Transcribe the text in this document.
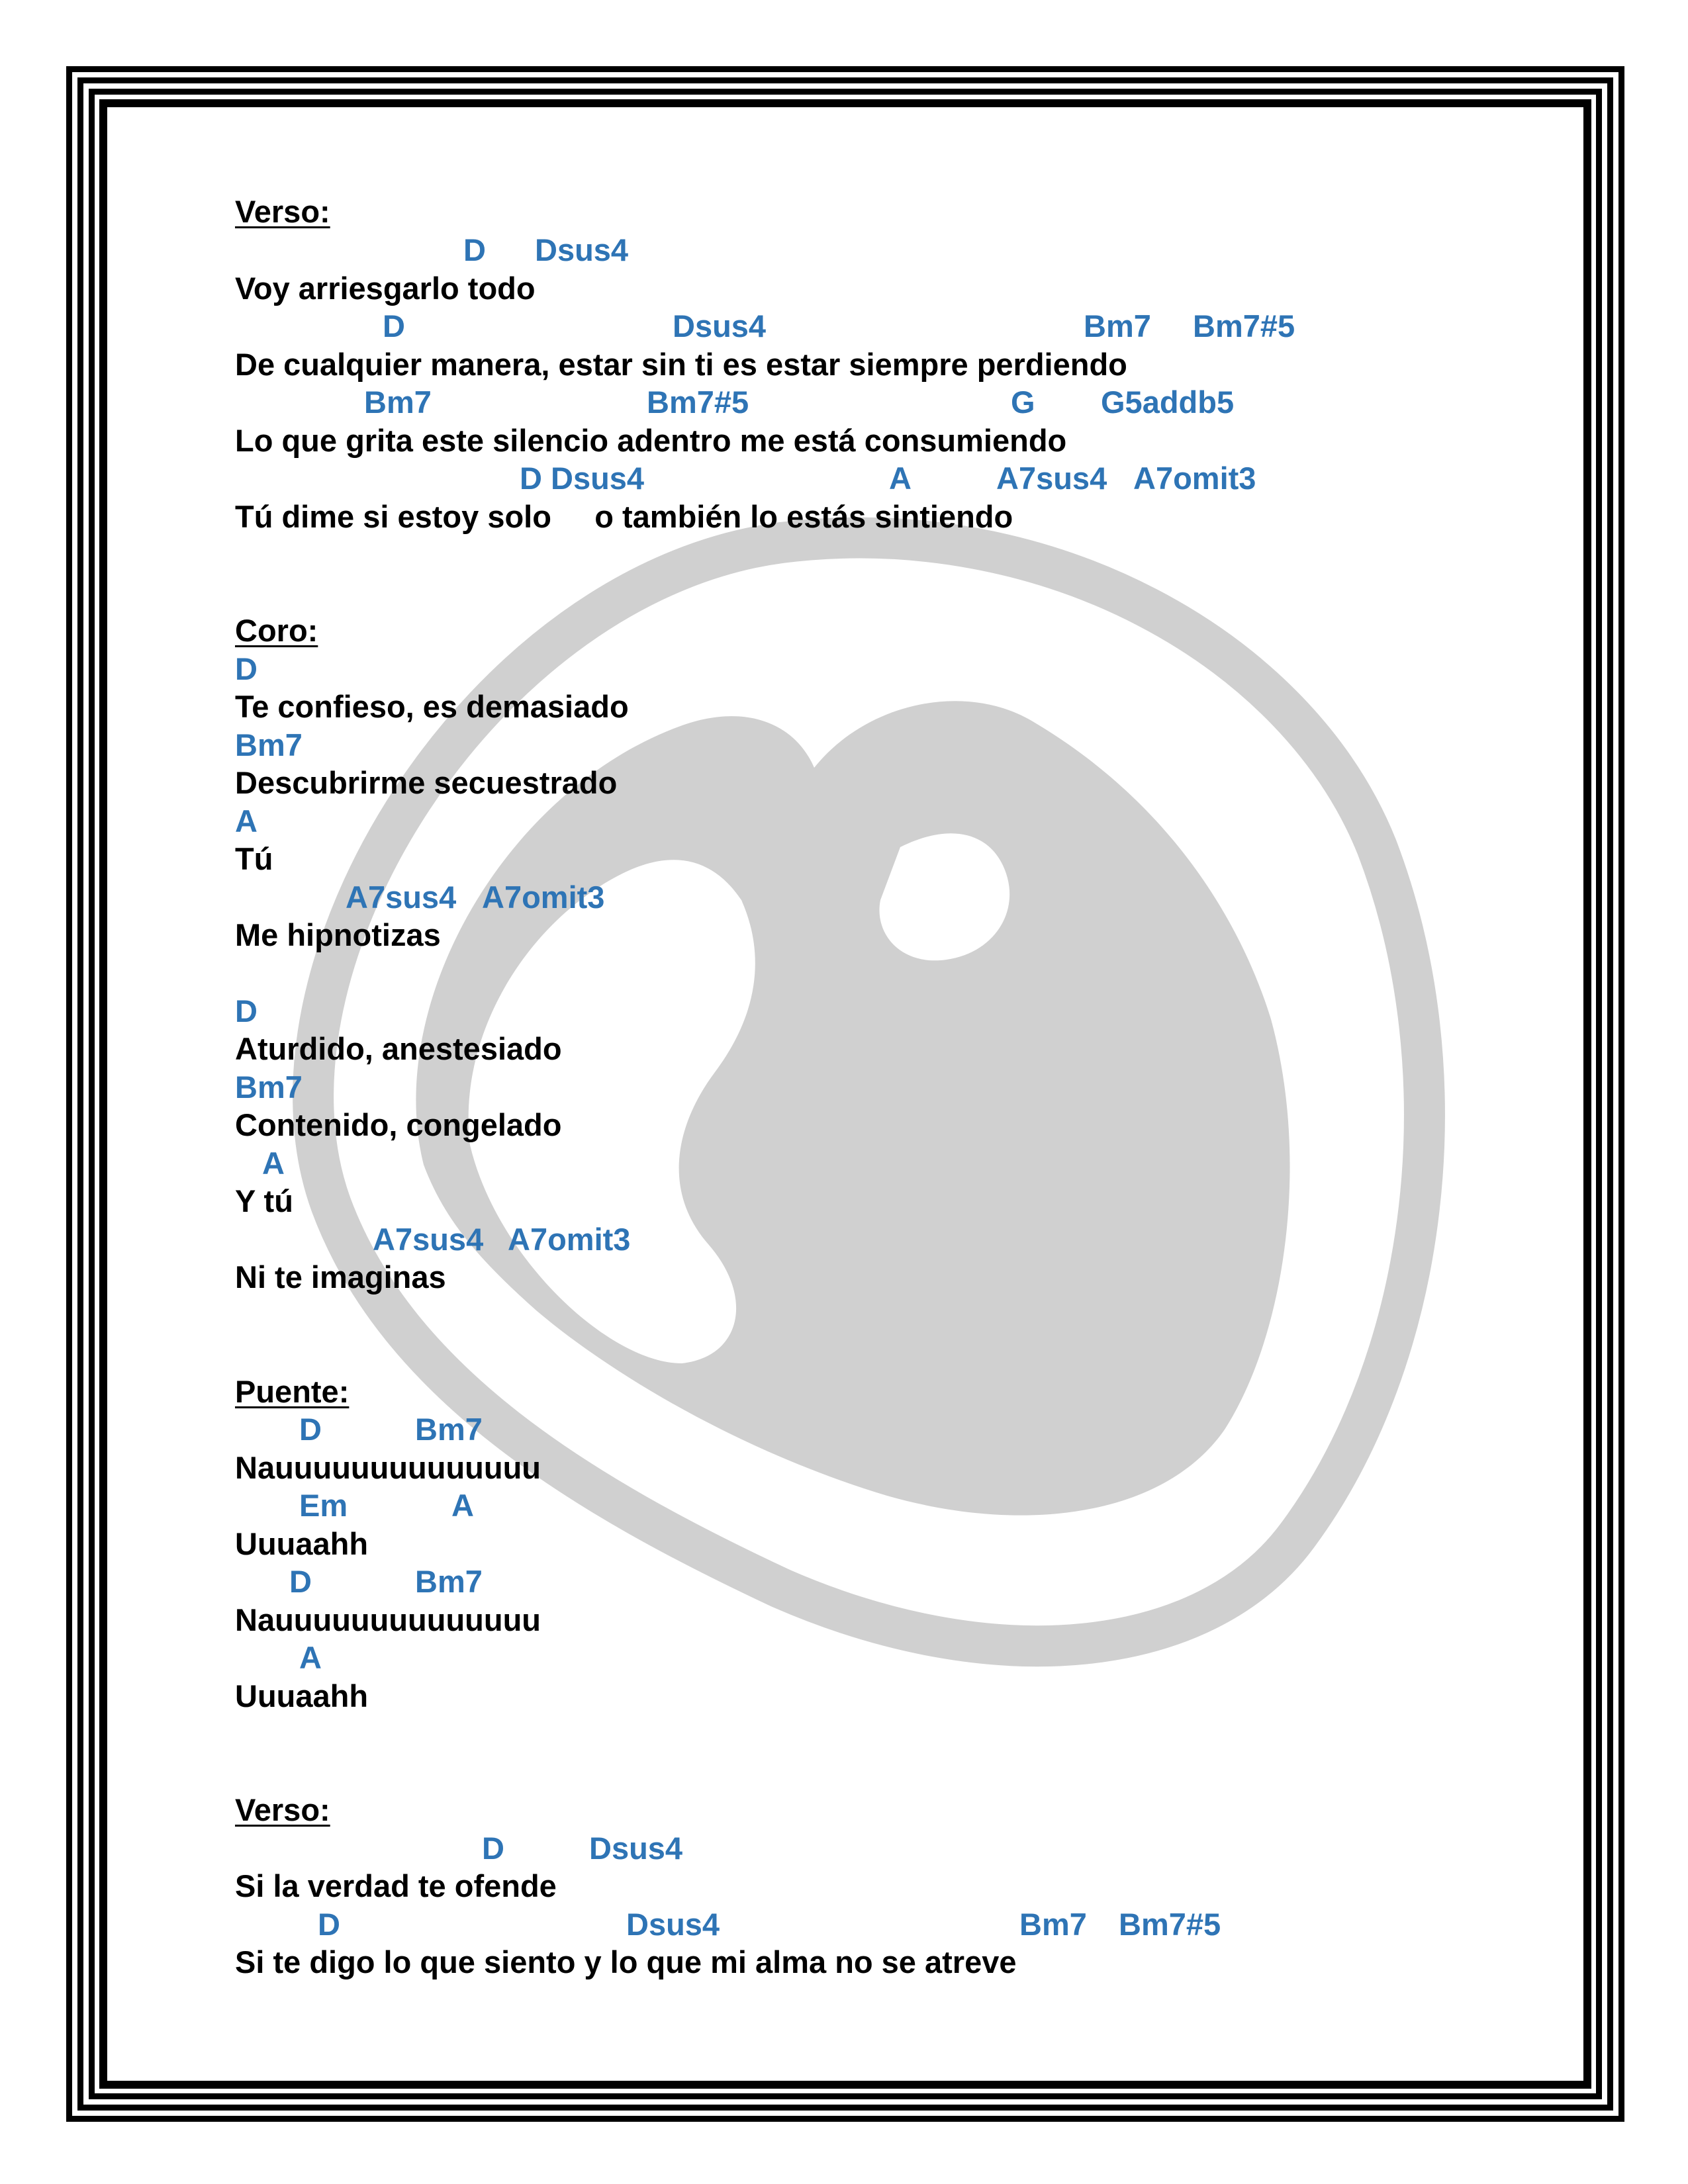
Verso:
D Dsus4
Voy arriesgarlo todo
D	Dsus4	Bm7 Bm7#5
De cualquier manera, estar sin ti es estar siempre perdiendo
Bm7	Bm7#5	G G5addb5
Lo que grita este silencio adentro me está consumiendo
D Dsus4	A	A7sus4 A7omit3
Tú dime si estoy solo     o también lo estás sintiendo
Coro:
D
Te confieso, es demasiado
Bm7
Descubrirme secuestrado
A
Tú
A7sus4 A7omit3
Me hipnotizas
D
Aturdido, anestesiado
Bm7
Contenido, congelado
A
Y tú
A7sus4 A7omit3
Ni te imaginas
Puente:
D	Bm7
Nauuuuuuuuuuuuuu
Em	A
Uuuaahh
D	Bm7
Nauuuuuuuuuuuuuu
A
Uuuaahh
Verso:
D	Dsus4
Si la verdad te ofende
D	Dsus4	Bm7 Bm7#5
Si te digo lo que siento y lo que mi alma no se atreve
